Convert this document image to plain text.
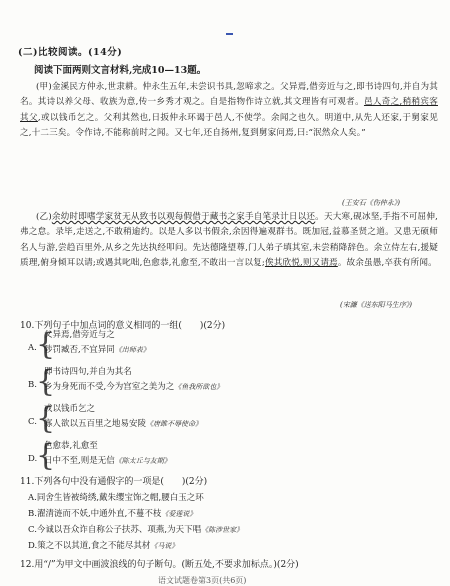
(二)比较阅读。(14分)
阅读下面两则文言材料,完成10—13题。
(甲)金溪民方仲永,世隶耕。仲永生五年,未尝识书具,忽啼求之。父异焉,借旁近与之,即书诗四句,并自为其名。其诗以养父母、收族为意,传一乡秀才观之。自是指物作诗立就,其文理皆有可观者。邑人奇之,稍稍宾客其父,或以钱币乞之。父利其然也,日扳仲永环谒于邑人,不使学。余闻之也久。明道中,从先人还家,于舅家见之,十二三矣。令作诗,不能称前时之闻。又七年,还自扬州,复到舅家问焉,曰:“泯然众人矣。”
(王安石《伤仲永》)
(乙)余幼时即嗜学家贫无从致书以观每假借于藏书之家手自笔录计日以还。天大寒,砚冰坚,手指不可屈伸,弗之怠。录毕,走送之,不敢稍逾约。以是人多以书假余,余因得遍观群书。既加冠,益慕圣贤之道。又患无硕师名人与游,尝趋百里外,从乡之先达执经叩问。先达德隆望尊,门人弟子填其室,未尝稍降辞色。余立侍左右,援疑质理,俯身倾耳以请;或遇其叱咄,色愈恭,礼愈至,不敢出一言以复;俟其欣悦,则又请焉。故余虽愚,卒获有所闻。
(宋濂《送东阳马生序》)
10.下列句子中加点词的意义相同的一组(　　)(2分)
A. {
父异焉,借旁近与之
陟罚臧否,不宜异同《出师表》
B. {
即书诗四句,并自为其名
乡为身死而不受,今为宫室之美为之《鱼我所欲也》
C. {
或以钱币乞之
寡人欲以五百里之地易安陵《唐雎不辱使命》
D.
{
色愈恭,礼愈至
日中不至,则是无信《陈太丘与友期》
11.下列各句中没有通假字的一项是(　　)(2分)
A.同舍生皆被绮绣,戴朱缨宝饰之帽,腰白玉之环
B.濯清涟而不妖,中通外直,不蔓不枝《爱莲说》
C.今诚以吾众诈自称公子扶苏、项燕,为天下唱《陈涉世家》
D.策之不以其道,食之不能尽其材《马说》
12.用“/”为甲文中画波浪线的句子断句。(断五处,不要求加标点。)(2分)
语文试题卷第3页(共6页)
